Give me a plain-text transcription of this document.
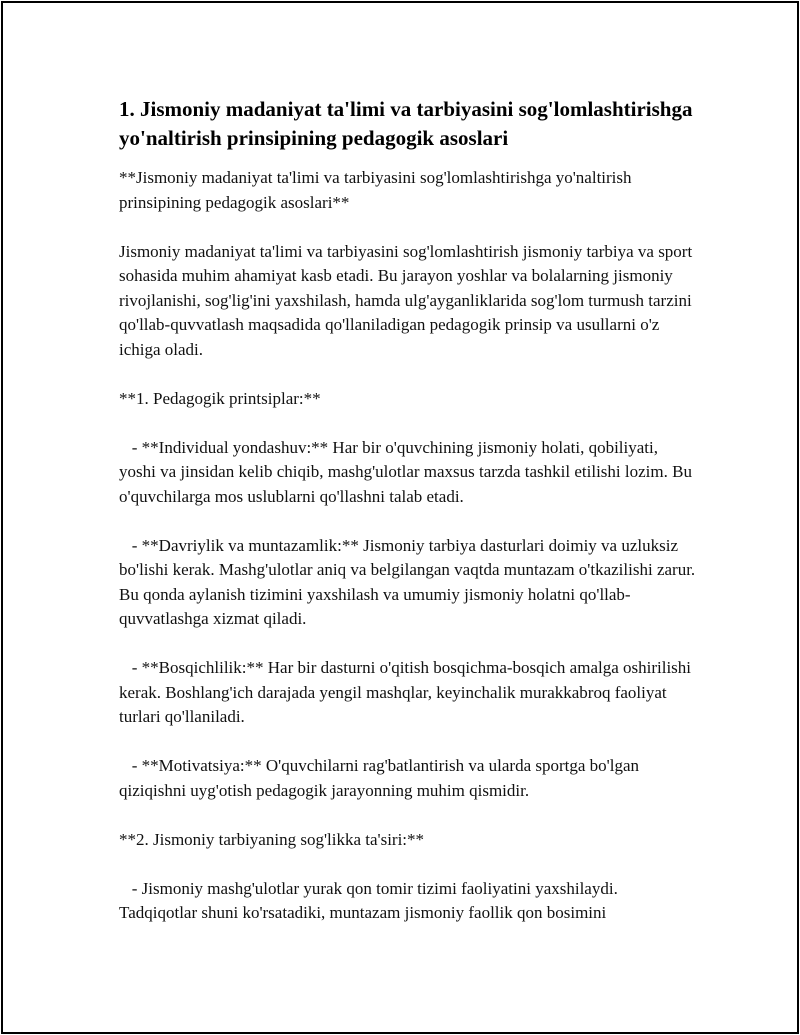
1. Jismoniy madaniyat ta'limi va tarbiyasini sog'lomlashtirishga yo'naltirish prinsipining pedagogik asoslari

**Jismoniy madaniyat ta'limi va tarbiyasini sog'lomlashtirishga yo'naltirish prinsipining pedagogik asoslari**

Jismoniy madaniyat ta'limi va tarbiyasini sog'lomlashtirish jismoniy tarbiya va sport sohasida muhim ahamiyat kasb etadi. Bu jarayon yoshlar va bolalarning jismoniy rivojlanishi, sog'lig'ini yaxshilash, hamda ulg'ayganliklarida sog'lom turmush tarzini qo'llab-quvvatlash maqsadida qo'llaniladigan pedagogik prinsip va usullarni o'z ichiga oladi.

**1. Pedagogik printsiplar:**

- **Individual yondashuv:** Har bir o'quvchining jismoniy holati, qobiliyati, yoshi va jinsidan kelib chiqib, mashg'ulotlar maxsus tarzda tashkil etilishi lozim. Bu o'quvchilarga mos uslublarni qo'llashni talab etadi.

- **Davriylik va muntazamlik:** Jismoniy tarbiya dasturlari doimiy va uzluksiz bo'lishi kerak. Mashg'ulotlar aniq va belgilangan vaqtda muntazam o'tkazilishi zarur. Bu qonda aylanish tizimini yaxshilash va umumiy jismoniy holatni qo'llab-quvvatlashga xizmat qiladi.

- **Bosqichlilik:** Har bir dasturni o'qitish bosqichma-bosqich amalga oshirilishi kerak. Boshlang'ich darajada yengil mashqlar, keyinchalik murakkabroq faoliyat turlari qo'llaniladi.

- **Motivatsiya:** O'quvchilarni rag'batlantirish va ularda sportga bo'lgan qiziqishni uyg'otish pedagogik jarayonning muhim qismidir.

**2. Jismoniy tarbiyaning sog'likka ta'siri:**

- Jismoniy mashg'ulotlar yurak qon tomir tizimi faoliyatini yaxshilaydi. Tadqiqotlar shuni ko'rsatadiki, muntazam jismoniy faollik qon bosimini
